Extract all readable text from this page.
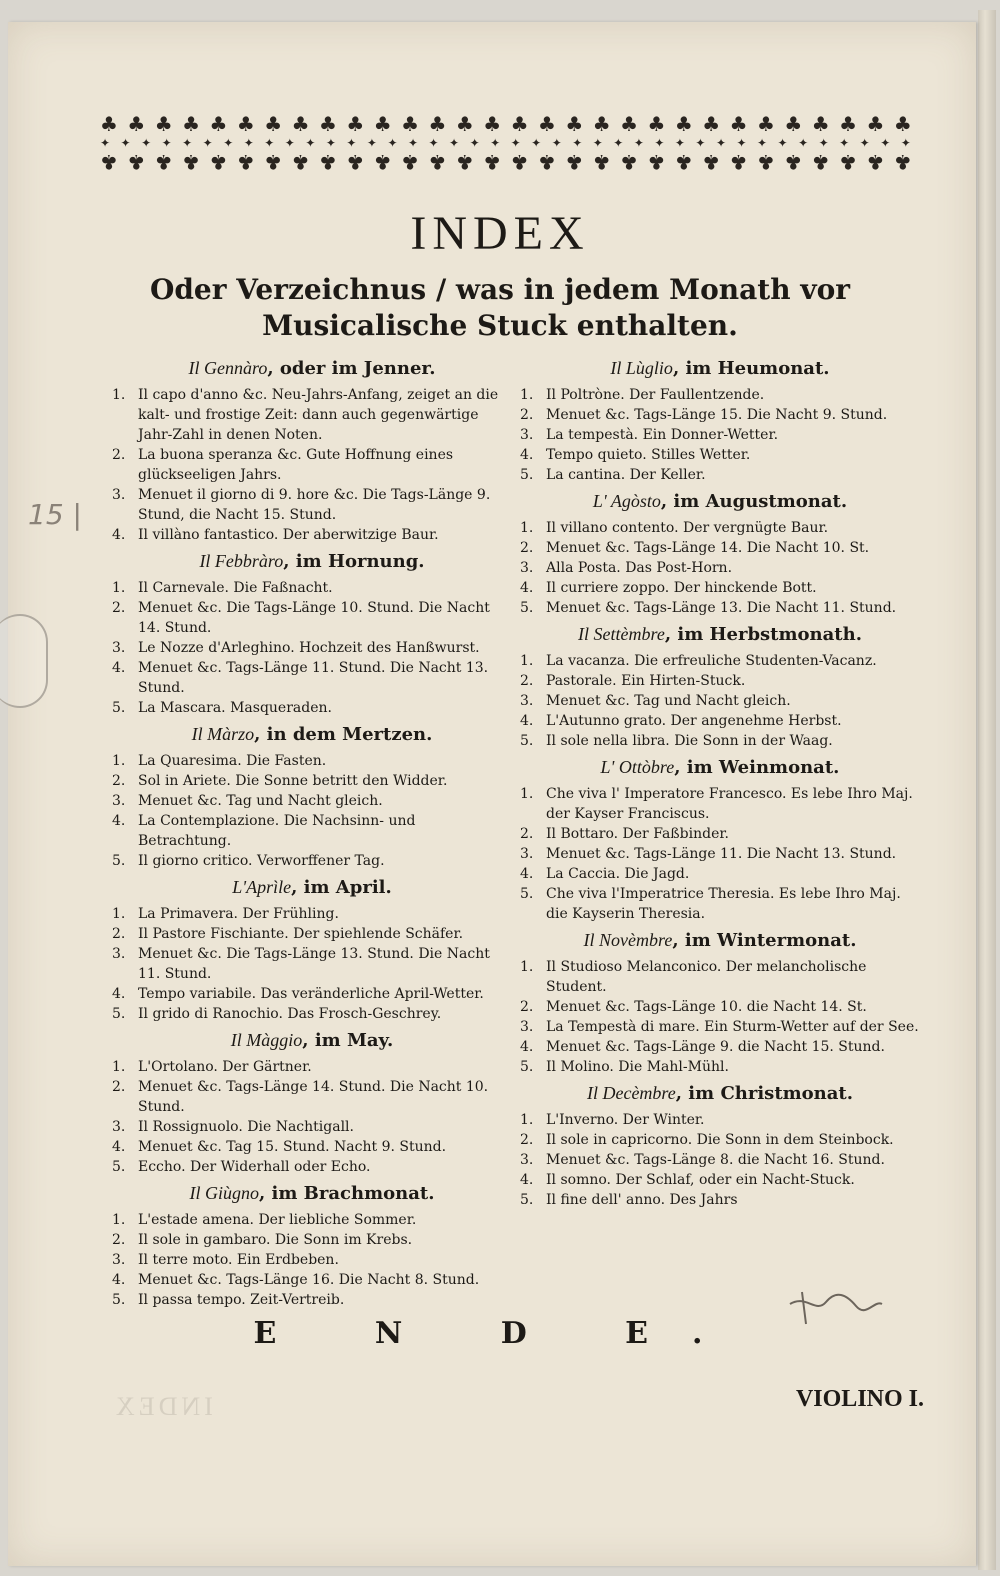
15 |
♣ ♣ ♣ ♣ ♣ ♣ ♣ ♣ ♣ ♣ ♣ ♣ ♣ ♣ ♣ ♣ ♣ ♣ ♣ ♣ ♣ ♣ ♣ ♣ ♣ ♣ ♣ ♣ ♣ ♣
✦ ✦ ✦ ✦ ✦ ✦ ✦ ✦ ✦ ✦ ✦ ✦ ✦ ✦ ✦ ✦ ✦ ✦ ✦ ✦ ✦ ✦ ✦ ✦ ✦ ✦ ✦ ✦ ✦ ✦ ✦ ✦ ✦ ✦ ✦ ✦ ✦ ✦ ✦ ✦
♣ ♣ ♣ ♣ ♣ ♣ ♣ ♣ ♣ ♣ ♣ ♣ ♣ ♣ ♣ ♣ ♣ ♣ ♣ ♣ ♣ ♣ ♣ ♣ ♣ ♣ ♣ ♣ ♣ ♣
INDEX
Oder Verzeichnus / was in jedem Monath vor Musicalische Stuck enthalten.
Il Gennàro, oder im Jenner.
1. Il capo d'anno &c. Neu-Jahrs-Anfang, zeiget an die kalt- und frostige Zeit: dann auch gegenwärtige Jahr-Zahl in denen Noten.
2. La buona speranza &c. Gute Hoffnung eines glückseeligen Jahrs.
3. Menuet il giorno di 9. hore &c. Die Tags-Länge 9. Stund, die Nacht 15. Stund.
4. Il villàno fantastico. Der aberwitzige Baur.
Il Febbràro, im Hornung.
1. Il Carnevale. Die Faßnacht.
2. Menuet &c. Die Tags-Länge 10. Stund. Die Nacht 14. Stund.
3. Le Nozze d'Arleghino. Hochzeit des Hanßwurst.
4. Menuet &c. Tags-Länge 11. Stund. Die Nacht 13. Stund.
5. La Mascara. Masqueraden.
Il Màrzo, in dem Mertzen.
1. La Quaresima. Die Fasten.
2. Sol in Ariete. Die Sonne betritt den Widder.
3. Menuet &c. Tag und Nacht gleich.
4. La Contemplazione. Die Nachsinn- und Betrachtung.
5. Il giorno critico. Verworffener Tag.
L'Aprìle, im April.
1. La Primavera. Der Frühling.
2. Il Pastore Fischiante. Der spiehlende Schäfer.
3. Menuet &c. Die Tags-Länge 13. Stund. Die Nacht 11. Stund.
4. Tempo variabile. Das veränderliche April-Wetter.
5. Il grido di Ranochio. Das Frosch-Geschrey.
Il Màggio, im May.
1. L'Ortolano. Der Gärtner.
2. Menuet &c. Tags-Länge 14. Stund. Die Nacht 10. Stund.
3. Il Rossignuolo. Die Nachtigall.
4. Menuet &c. Tag 15. Stund. Nacht 9. Stund.
5. Eccho. Der Widerhall oder Echo.
Il Giùgno, im Brachmonat.
1. L'estade amena. Der liebliche Sommer.
2. Il sole in gambaro. Die Sonn im Krebs.
3. Il terre moto. Ein Erdbeben.
4. Menuet &c. Tags-Länge 16. Die Nacht 8. Stund.
5. Il passa tempo. Zeit-Vertreib.
Il Lùglio, im Heumonat.
1. Il Poltròne. Der Faullentzende.
2. Menuet &c. Tags-Länge 15. Die Nacht 9. Stund.
3. La tempestà. Ein Donner-Wetter.
4. Tempo quieto. Stilles Wetter.
5. La cantina. Der Keller.
L' Agòsto, im Augustmonat.
1. Il villano contento. Der vergnügte Baur.
2. Menuet &c. Tags-Länge 14. Die Nacht 10. St.
3. Alla Posta. Das Post-Horn.
4. Il curriere zoppo. Der hinckende Bott.
5. Menuet &c. Tags-Länge 13. Die Nacht 11. Stund.
Il Settèmbre, im Herbstmonath.
1. La vacanza. Die erfreuliche Studenten-Vacanz.
2. Pastorale. Ein Hirten-Stuck.
3. Menuet &c. Tag und Nacht gleich.
4. L'Autunno grato. Der angenehme Herbst.
5. Il sole nella libra. Die Sonn in der Waag.
L' Ottòbre, im Weinmonat.
1. Che viva l' Imperatore Francesco. Es lebe Ihro Maj. der Kayser Franciscus.
2. Il Bottaro. Der Faßbinder.
3. Menuet &c. Tags-Länge 11. Die Nacht 13. Stund.
4. La Caccia. Die Jagd.
5. Che viva l'Imperatrice Theresia. Es lebe Ihro Maj. die Kayserin Theresia.
Il Novèmbre, im Wintermonat.
1. Il Studioso Melanconico. Der melancholische Student.
2. Menuet &c. Tags-Länge 10. die Nacht 14. St.
3. La Tempestà di mare. Ein Sturm-Wetter auf der See.
4. Menuet &c. Tags-Länge 9. die Nacht 15. Stund.
5. Il Molino. Die Mahl-Mühl.
Il Decèmbre, im Christmonat.
1. L'Inverno. Der Winter.
2. Il sole in capricorno. Die Sonn in dem Steinbock.
3. Menuet &c. Tags-Länge 8. die Nacht 16. Stund.
4. Il somno. Der Schlaf, oder ein Nacht-Stuck.
5. Il fine dell' anno. Des Jahrs
E N D E.
INDEX	VIOLINO I.
